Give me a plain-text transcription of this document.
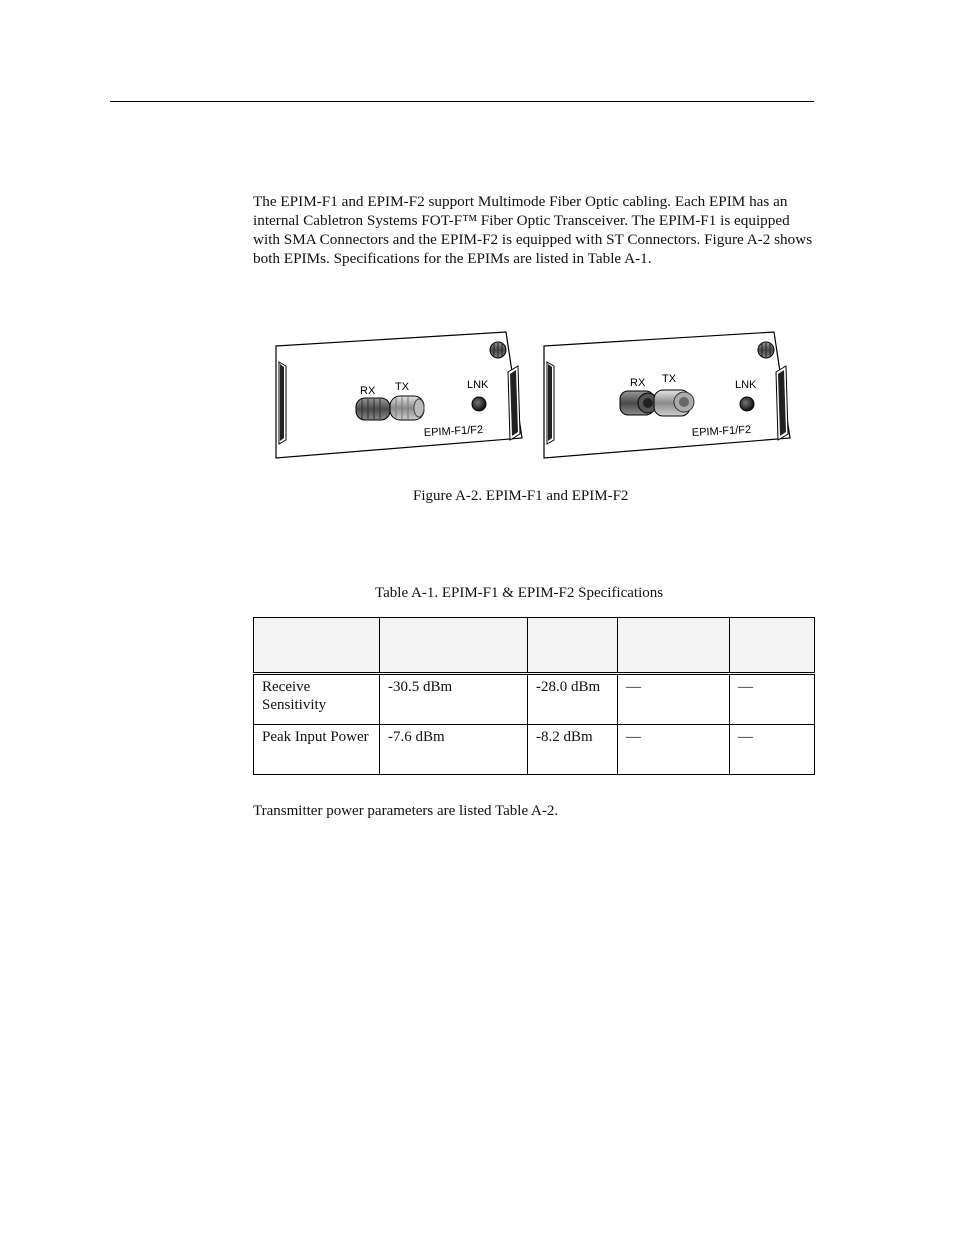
The EPIM-F1 and EPIM-F2 support Multimode Fiber Optic cabling. Each EPIM has an internal Cabletron Systems FOT-F™ Fiber Optic Transceiver. The EPIM-F1 is equipped with SMA Connectors and the EPIM-F2 is equipped with ST Connectors. Figure A-2 shows both EPIMs. Specifications for the EPIMs are listed in Table A-1.

RX TX	LNK
EPIM-F1/F2
RX TX	LNK
EPIM-F1/F2
Figure A-2. EPIM-F1 and EPIM-F2
Table A-1. EPIM-F1 & EPIM-F2 Specifications

Receive Sensitivity	-30.5 dBm	-28.0 dBm	—	—
Peak Input Power	-7.6 dBm	-8.2 dBm	—	—

Transmitter power parameters are listed Table A-2.
